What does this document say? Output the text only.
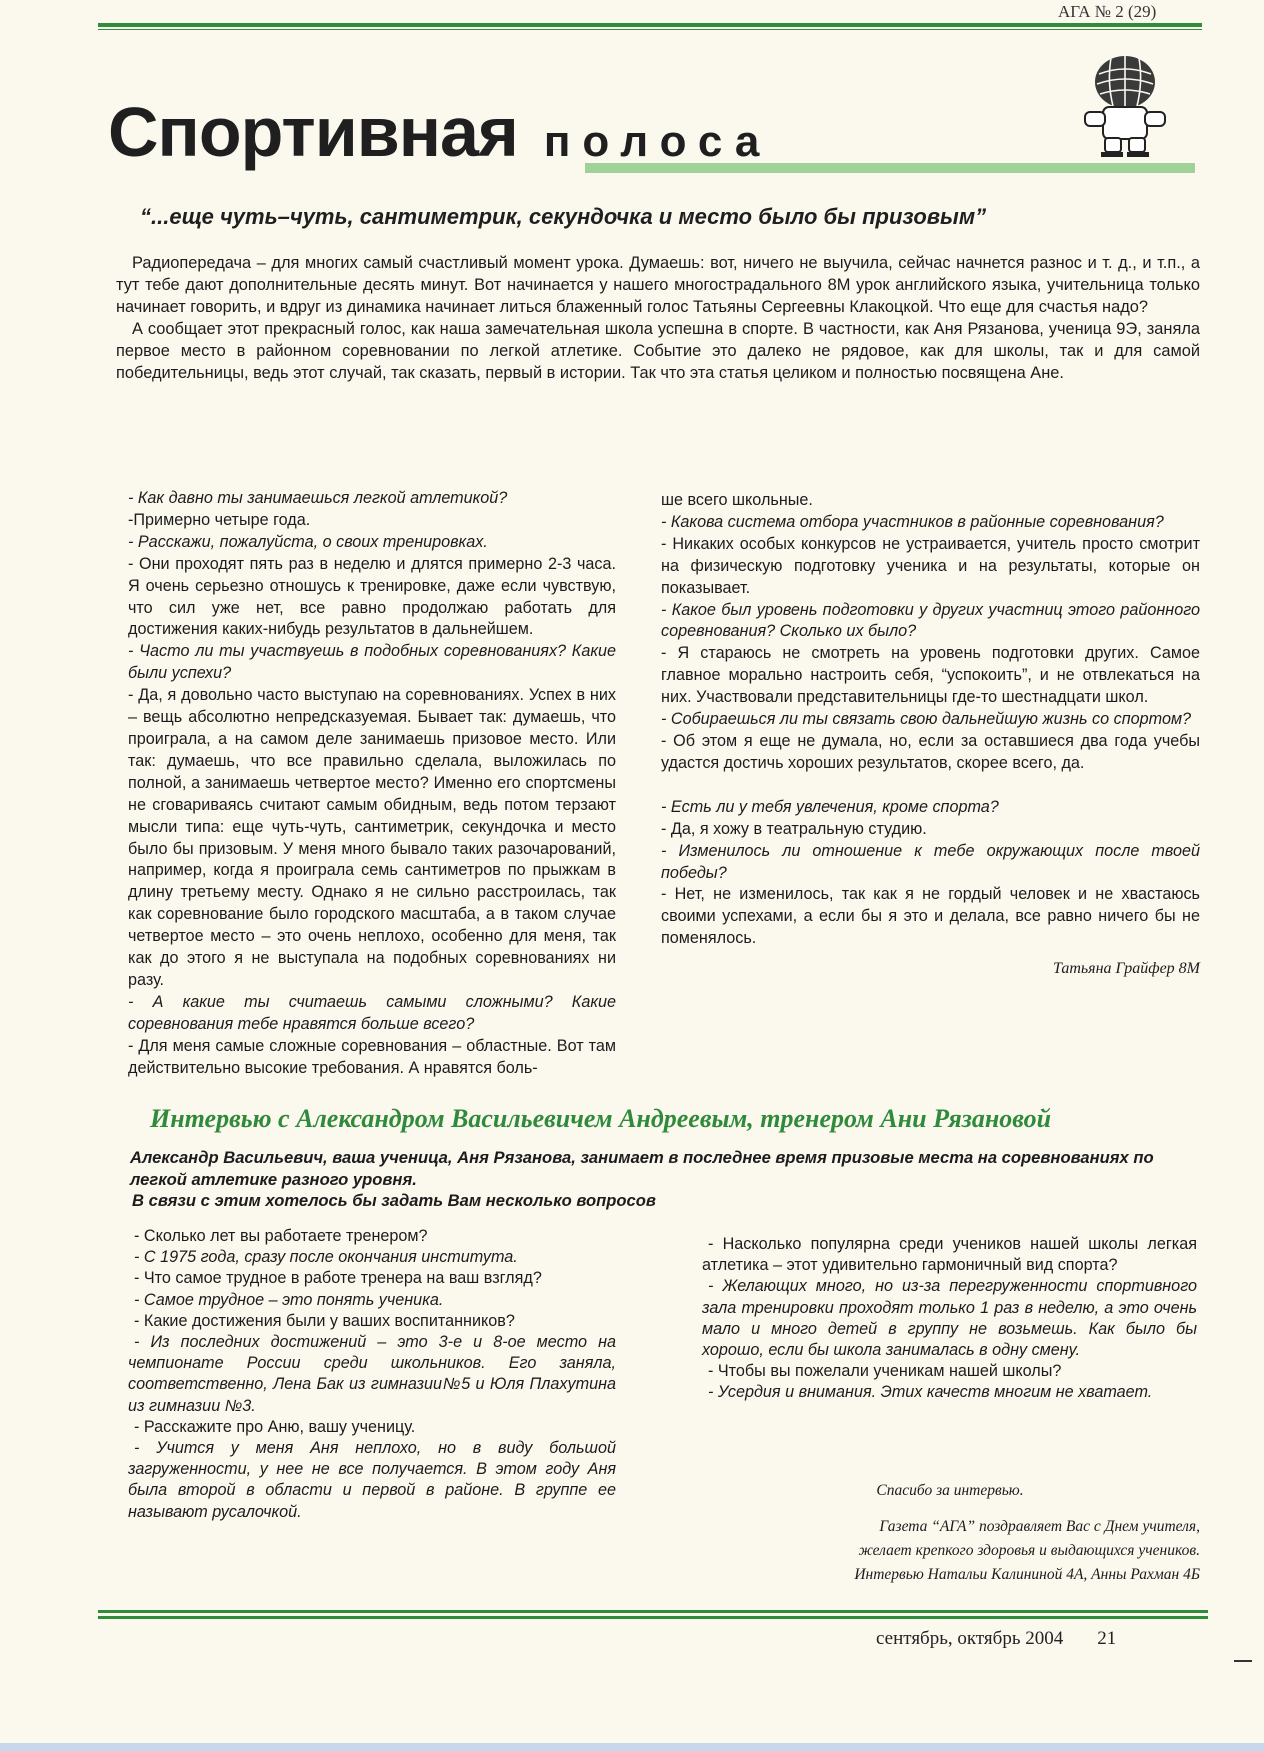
АГА № 2 (29)
Спортивная полоса
“...еще чуть–чуть, сантиметрик, секундочка и место было бы призовым”

Радиопередача – для многих самый счастливый момент урока. Думаешь: вот, ничего не выучила, сейчас начнется разнос и т. д., и т.п., а тут тебе дают дополнительные десять минут. Вот начинается у нашего многострадального 8М урок английского языка, учительница только начинает говорить, и вдруг из динамика начинает литься блаженный голос Татьяны Сергеевны Клакоцкой. Что еще для счастья надо?

А сообщает этот прекрасный голос, как наша замечательная школа успешна в спорте. В частности, как Аня Рязанова, ученица 9Э, заняла первое место в районном соревновании по легкой атлетике. Событие это далеко не рядовое, как для школы, так и для самой победительницы, ведь этот случай, так сказать, первый в истории. Так что эта статья целиком и полностью посвящена Ане.

- Как давно ты занимаешься легкой атлетикой?

-Примерно четыре года.

- Расскажи, пожалуйста, о своих тренировках.

- Они проходят пять раз в неделю и длятся примерно 2-3 часа. Я очень серьезно отношусь к тренировке, даже если чувствую, что сил уже нет, все равно продолжаю работать для достижения каких-нибудь результатов в дальнейшем.

- Часто ли ты участвуешь в подобных соревнованиях? Какие были успехи?

- Да, я довольно часто выступаю на соревнованиях. Успех в них – вещь абсолютно непредсказуемая. Бывает так: думаешь, что проиграла, а на самом деле занимаешь призовое место. Или так: думаешь, что все правильно сделала, выложилась по полной, а занимаешь четвертое место? Именно его спортсмены не сговариваясь считают самым обидным, ведь потом терзают мысли типа: еще чуть-чуть, сантиметрик, секундочка и место было бы призовым. У меня много бывало таких разочарований, например, когда я проиграла семь сантиметров по прыжкам в длину третьему месту. Однако я не сильно расстроилась, так как соревнование было городского масштаба, а в таком случае четвертое место – это очень неплохо, особенно для меня, так как до этого я не выступала на подобных соревнованиях ни разу.

- А какие ты считаешь самыми сложными? Какие соревнования тебе нравятся больше всего?

- Для меня самые сложные соревнования – областные. Вот там действительно высокие требования. А нравятся боль-

ше всего школьные.

- Какова система отбора участников в районные соревнования?

- Никаких особых конкурсов не устраивается, учитель просто смотрит на физическую подготовку ученика и на результаты, которые он показывает.

- Какое был уровень подготовки у других участниц этого районного соревнования? Сколько их было?

- Я стараюсь не смотреть на уровень подготовки других. Самое главное морально настроить себя, “успокоить”, и не отвлекаться на них. Участвовали представительницы где-то шестнадцати школ.

- Собираешься ли ты связать свою дальнейшую жизнь со спортом?

- Об этом я еще не думала, но, если за оставшиеся два года учебы удастся достичь хороших результатов, скорее всего, да.

- Есть ли у тебя увлечения, кроме спорта?

- Да, я хожу в театральную студию.

- Изменилось ли отношение к тебе окружающих после твоей победы?

- Нет, не изменилось, так как я не гордый человек и не хвастаюсь своими успехами, а если бы я это и делала, все равно ничего бы не поменялось.

Татьяна Грайфер 8М

Интервью с Александром Васильевичем Андреевым, тренером Ани Рязановой

Александр Васильевич, ваша ученица, Аня Рязанова, занимает в последнее время призовые места на соревнованиях по легкой атлетике разного уровня.

В связи с этим хотелось бы задать Вам несколько вопросов

- Сколько лет вы работаете тренером?

- С 1975 года, сразу после окончания института.

- Что самое трудное в работе тренера на ваш взгляд?

- Самое трудное – это понять ученика.

- Какие достижения были у ваших воспитанников?

- Из последних достижений – это 3-е и 8-ое место на чемпионате России среди школьников. Его заняла, соответственно, Лена Бак из гимназии№5 и Юля Плахутина из гимназии №3.

- Расскажите про Аню, вашу ученицу.

- Учится у меня Аня неплохо, но в виду большой загруженности, у нее не все получается. В этом году Аня была второй в области и первой в районе. В группе ее называют русалочкой.

- Насколько популярна среди учеников нашей школы легкая атлетика – этот удивительно гармоничный вид спорта?

- Желающих много, но из-за перегруженности спортивного зала тренировки проходят только 1 раз в неделю, а это очень мало и много детей в группу не возьмешь. Как было бы хорошо, если бы школа занималась в одну смену.

- Чтобы вы пожелали ученикам нашей школы?

- Усердия и внимания. Этих качеств многим не хватает.

Спасибо за интервью.

Газета “АГА” поздравляет Вас с Днем учителя,

желает крепкого здоровья и выдающихся учеников.

Интервью Натальи Калининой 4А, Анны Рахман 4Б

сентябрь, октябрь 2004 21
